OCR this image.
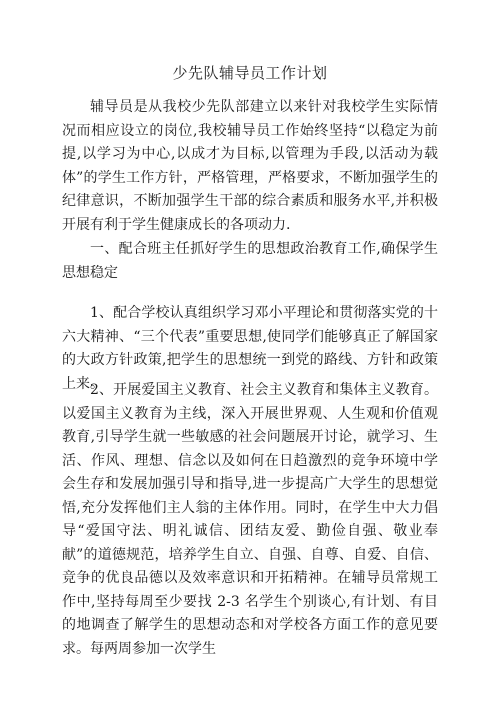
少先队辅导员工作计划

辅导员是从我校少先队部建立以来针对我校学生实际情况而相应设立的岗位,我校辅导员工作始终坚持“以稳定为前提,以学习为中心,以成才为目标,以管理为手段,以活动为载体”的学生工作方针，严格管理，严格要求，不断加强学生的纪律意识，不断加强学生干部的综合素质和服务水平,并积极开展有利于学生健康成长的各项动力.

一、配合班主任抓好学生的思想政治教育工作,确保学生思想稳定

1、配合学校认真组织学习邓小平理论和贯彻落实党的十六大精神、“三个代表”重要思想,使同学们能够真正了解国家的大政方针政策,把学生的思想统一到党的路线、方针和政策上来。

2、开展爱国主义教育、社会主义教育和集体主义教育。以爱国主义教育为主线，深入开展世界观、人生观和价值观教育,引导学生就一些敏感的社会问题展开讨论，就学习、生活、作风、理想、信念以及如何在日趋激烈的竞争环境中学会生存和发展加强引导和指导,进一步提高广大学生的思想觉悟,充分发挥他们主人翁的主体作用。同时，在学生中大力倡导“爱国守法、明礼诚信、团结友爱、勤俭自强、敬业奉献”的道德规范，培养学生自立、自强、自尊、自爱、自信、竞争的优良品德以及效率意识和开拓精神。在辅导员常规工作中,坚持每周至少要找 2-3 名学生个别谈心,有计划、有目的地调查了解学生的思想动态和对学校各方面工作的意见要求。每两周参加一次学生
